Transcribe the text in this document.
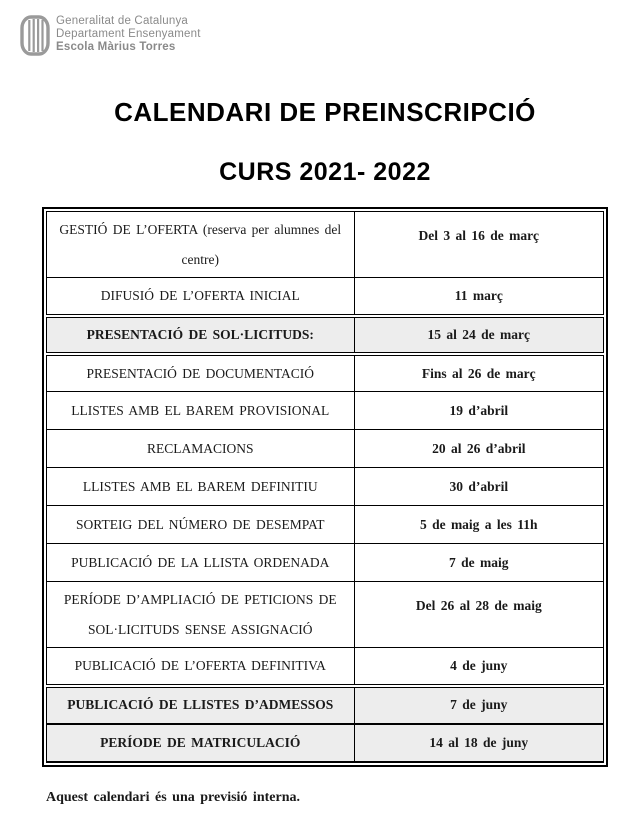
Generalitat de Catalunya
Departament Ensenyament
Escola Màrius Torres
CALENDARI DE PREINSCRIPCIÓ
CURS 2021- 2022
GESTIÓ DE L’OFERTA (reserva per alumnes del centre)	Del 3 al 16 de març
DIFUSIÓ DE L’OFERTA INICIAL	11 març
PRESENTACIÓ DE SOL·LICITUDS:	15 al 24 de març
PRESENTACIÓ DE DOCUMENTACIÓ	Fins al 26 de març
LLISTES AMB EL BAREM PROVISIONAL	19 d’abril
RECLAMACIONS	20 al 26 d’abril
LLISTES AMB EL BAREM DEFINITIU	30 d’abril
SORTEIG DEL NÚMERO DE DESEMPAT	5 de maig a les 11h
PUBLICACIÓ DE LA LLISTA ORDENADA	7 de maig
PERÍODE D’AMPLIACIÓ DE PETICIONS DE SOL·LICITUDS SENSE ASSIGNACIÓ	Del 26 al 28 de maig
PUBLICACIÓ DE L’OFERTA DEFINITIVA	4 de juny
PUBLICACIÓ DE LLISTES D’ADMESSOS	7 de juny
PERÍODE DE MATRICULACIÓ	14 al 18 de juny

Aquest calendari és una previsió interna.
